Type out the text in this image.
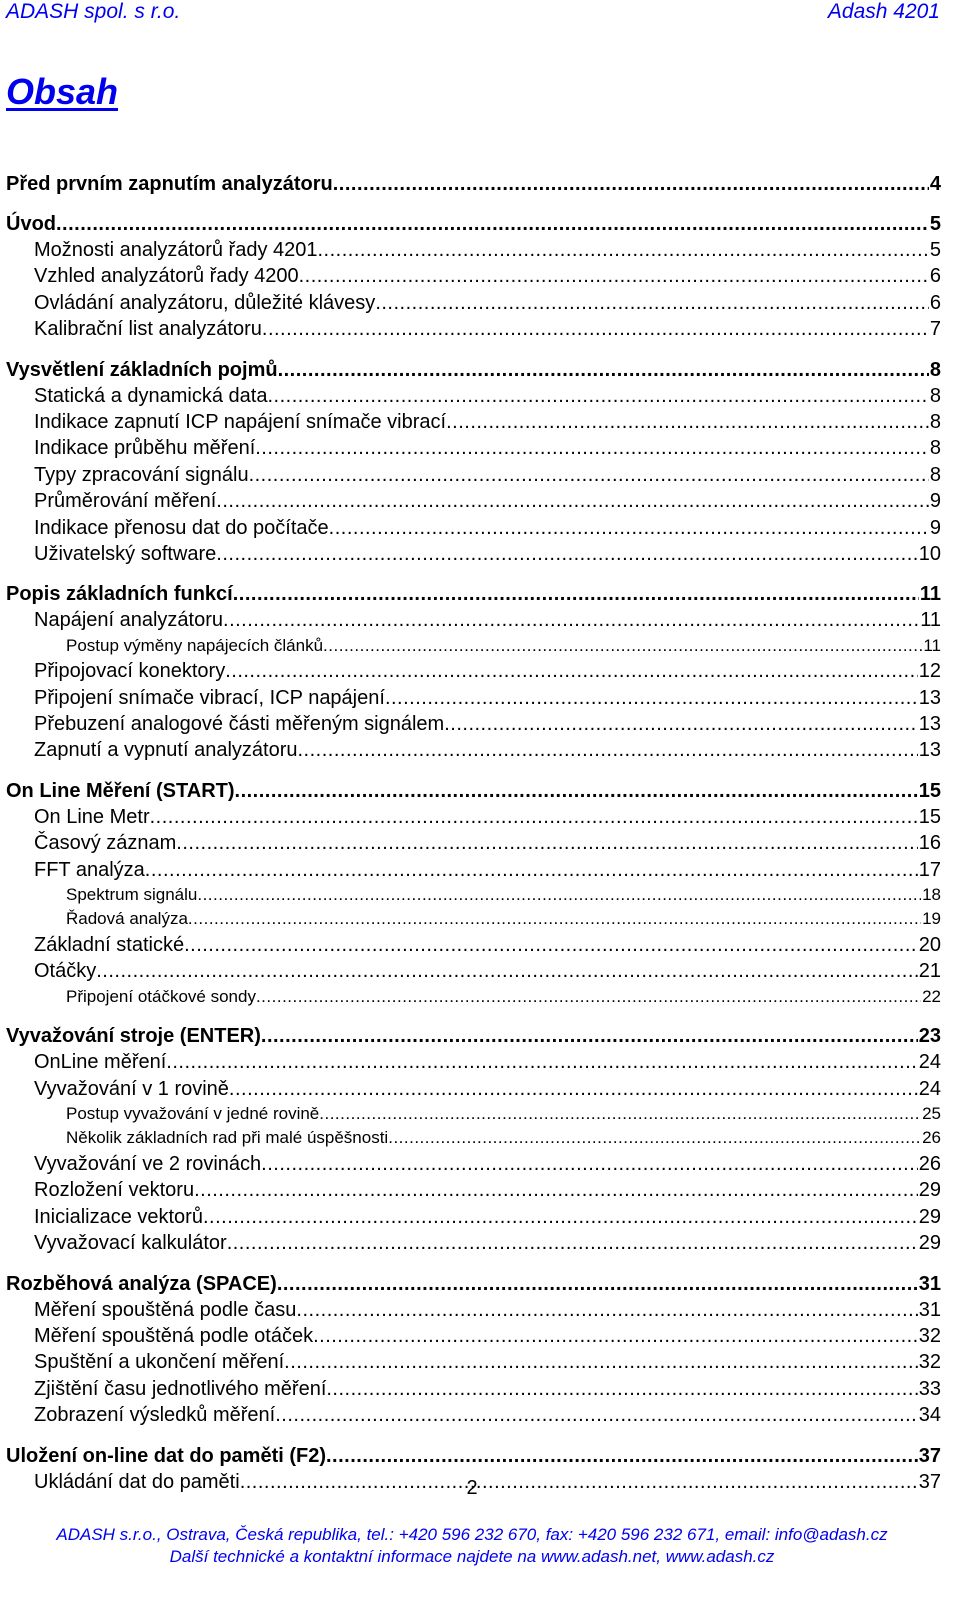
ADASH spol. s r.o.	Adash 4201
Obsah
Před prvním zapnutím analyzátoru .....	4
Úvod .....	5
Možnosti analyzátorů řady 4201 .....	5
Vzhled analyzátorů řady 4200 .....	6
Ovládání analyzátoru, důležité klávesy .....	6
Kalibrační list analyzátoru .....	7
Vysvětlení základních pojmů .....	8
Statická a dynamická data .....	8
Indikace zapnutí ICP napájení snímače vibrací .....	8
Indikace průběhu měření .....	8
Typy zpracování signálu .....	8
Průměrování měření .....	9
Indikace přenosu dat do počítače .....	9
Uživatelský software .....	10
Popis základních funkcí .....	11
Napájení analyzátoru .....	11
Postup výměny napájecích článků .....	11
Připojovací konektory .....	12
Připojení snímače vibrací, ICP napájení .....	13
Přebuzení analogové části měřeným signálem .....	13
Zapnutí a vypnutí analyzátoru .....	13
On Line Měření (START) .....	15
On Line Metr .....	15
Časový záznam .....	16
FFT analýza .....	17
Spektrum signálu .....	18
Řadová analýza .....	19
Základní statické .....	20
Otáčky .....	21
Připojení otáčkové sondy .....	22
Vyvažování stroje (ENTER) .....	23
OnLine měření .....	24
Vyvažování v 1 rovině .....	24
Postup vyvažování v jedné rovině .....	25
Několik základních rad při malé úspěšnosti .....	26
Vyvažování ve 2 rovinách .....	26
Rozložení vektoru .....	29
Inicializace vektorů .....	29
Vyvažovací kalkulátor .....	29
Rozběhová analýza (SPACE) .....	31
Měření spouštěná podle času .....	31
Měření spouštěná podle otáček .....	32
Spuštění a ukončení měření .....	32
Zjištění času jednotlivého měření .....	33
Zobrazení výsledků měření .....	34
Uložení on-line dat do paměti (F2) .....	37
Ukládání dat do paměti .....	37
2
ADASH s.r.o., Ostrava, Česká republika, tel.: +420 596 232 670, fax: +420 596 232 671, email: info@adash.cz
Další technické a kontaktní informace najdete na www.adash.net, www.adash.cz
